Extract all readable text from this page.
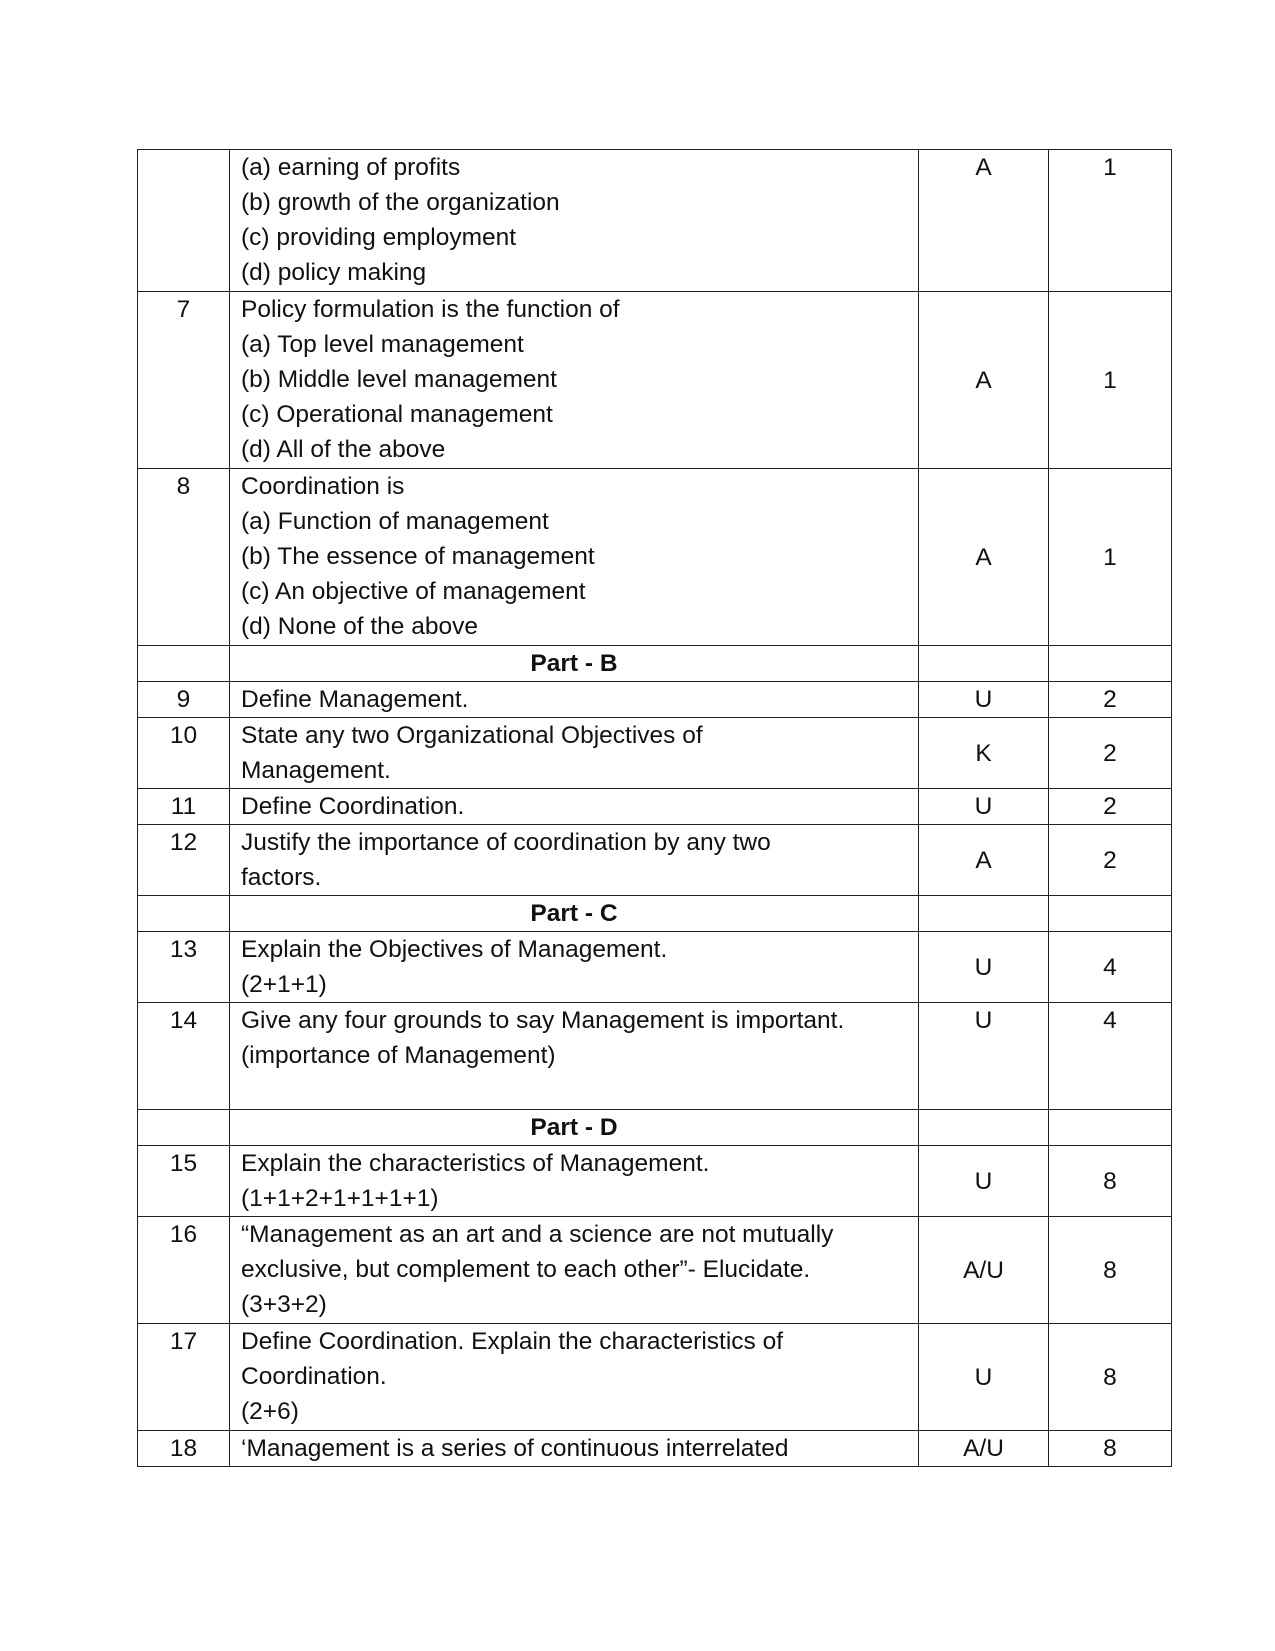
	(a) earning of profits
(b) growth of the organization
(c) providing employment
(d) policy making	A	1
7	Policy formulation is the function of
(a) Top level management
(b) Middle level management
(c) Operational management
(d) All of the above	A	1
8	Coordination is
(a) Function of management
(b) The essence of management
(c) An objective of management
(d) None of the above	A	1
	Part - B		
9	Define Management.	U	2
10	State any two Organizational Objectives of
Management.	K	2
11	Define Coordination.	U	2
12	Justify the importance of coordination by any two
factors.	A	2
	Part - C		
13	Explain the Objectives of Management.
(2+1+1)	U	4
14	Give any four grounds to say Management is important.
(importance of Management)	U	4
	Part - D		
15	Explain the characteristics of Management.
(1+1+2+1+1+1+1)	U	8
16	“Management as an art and a science are not mutually
exclusive, but complement to each other”- Elucidate.
(3+3+2)	A/U	8
17	Define Coordination. Explain the characteristics of
Coordination.
(2+6)	U	8
18	‘Management is a series of continuous interrelated	A/U	8
